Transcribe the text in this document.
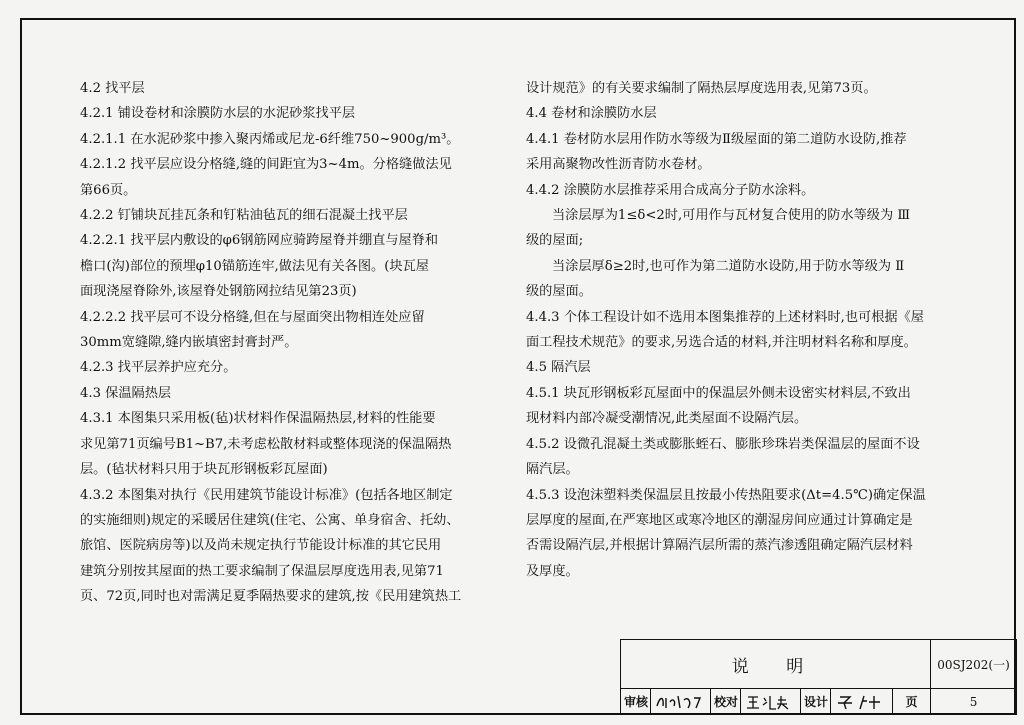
4.2 找平层

4.2.1 铺设卷材和涂膜防水层的水泥砂浆找平层

4.2.1.1 在水泥砂浆中掺入聚丙烯或尼龙-6纤维750~900g/m³。

4.2.1.2 找平层应设分格缝,缝的间距宜为3~4m。分格缝做法见

第66页。

4.2.2 钉铺块瓦挂瓦条和钉粘油毡瓦的细石混凝土找平层

4.2.2.1 找平层内敷设的φ6钢筋网应骑跨屋脊并绷直与屋脊和

檐口(沟)部位的预埋φ10锚筋连牢,做法见有关各图。(块瓦屋

面现浇屋脊除外,该屋脊处钢筋网拉结见第23页)

4.2.2.2 找平层可不设分格缝,但在与屋面突出物相连处应留

30mm宽缝隙,缝内嵌填密封膏封严。

4.2.3 找平层养护应充分。

4.3 保温隔热层

4.3.1 本图集只采用板(毡)状材料作保温隔热层,材料的性能要

求见第71页编号B1~B7,未考虑松散材料或整体现浇的保温隔热

层。(毡状材料只用于块瓦形钢板彩瓦屋面)

4.3.2 本图集对执行《民用建筑节能设计标准》(包括各地区制定

的实施细则)规定的采暖居住建筑(住宅、公寓、单身宿舍、托幼、

旅馆、医院病房等)以及尚未规定执行节能设计标准的其它民用

建筑分别按其屋面的热工要求编制了保温层厚度选用表,见第71

页、72页,同时也对需满足夏季隔热要求的建筑,按《民用建筑热工

设计规范》的有关要求编制了隔热层厚度选用表,见第73页。

4.4 卷材和涂膜防水层

4.4.1 卷材防水层用作防水等级为Ⅱ级屋面的第二道防水设防,推荐

采用高聚物改性沥青防水卷材。

4.4.2 涂膜防水层推荐采用合成高分子防水涂料。

当涂层厚为1≤δ<2时,可用作与瓦材复合使用的防水等级为 Ⅲ

级的屋面;

当涂层厚δ≥2时,也可作为第二道防水设防,用于防水等级为 Ⅱ

级的屋面。

4.4.3 个体工程设计如不选用本图集推荐的上述材料时,也可根据《屋

面工程技术规范》的要求,另选合适的材料,并注明材料名称和厚度。

4.5 隔汽层

4.5.1 块瓦形钢板彩瓦屋面中的保温层外侧未设密实材料层,不致出

现材料内部冷凝受潮情况,此类屋面不设隔汽层。

4.5.2 设微孔混凝土类或膨胀蛭石、膨胀珍珠岩类保温层的屋面不设

隔汽层。

4.5.3 设泡沫塑料类保温层且按最小传热阻要求(Δt=4.5℃)确定保温

层厚度的屋面,在严寒地区或寒冷地区的潮湿房间应通过计算确定是

否需设隔汽层,并根据计算隔汽层所需的蒸汽渗透阻确定隔汽层材料

及厚度。

说 明							00SJ202(一)
审核		校对		设计		页	5
